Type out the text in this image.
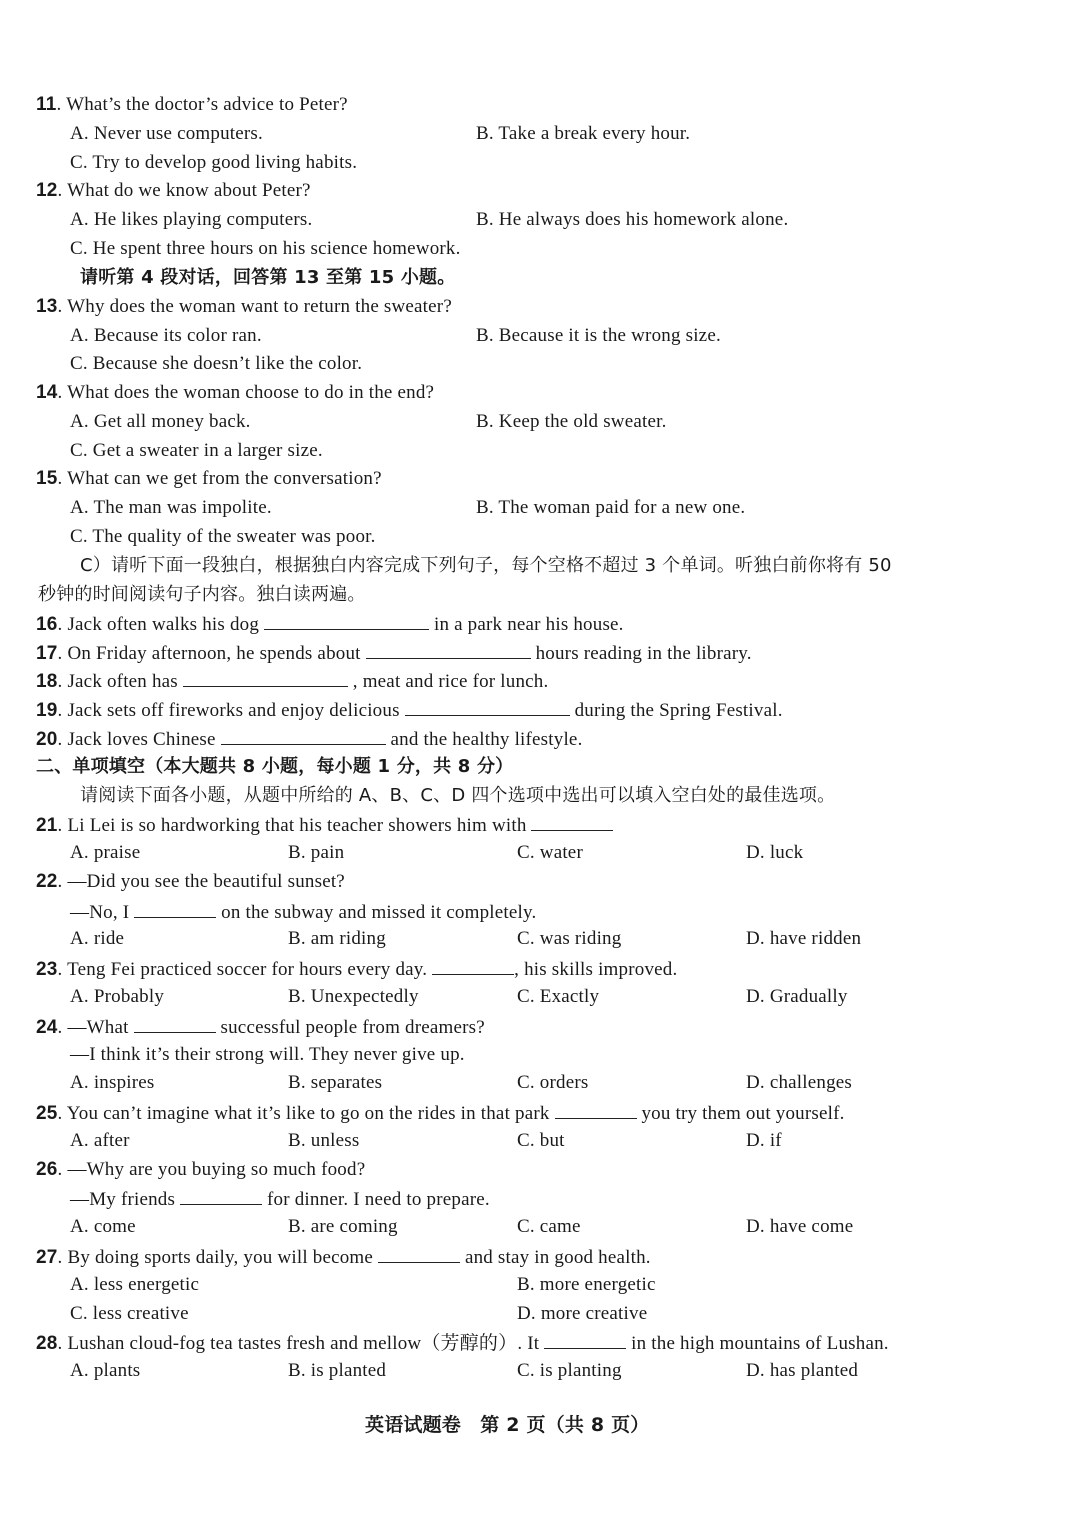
11. What’s the doctor’s advice to Peter?
A. Never use computers.	B. Take a break every hour.
C. Try to develop good living habits.
12. What do we know about Peter?
A. He likes playing computers.	B. He always does his homework alone.
C. He spent three hours on his science homework.
请听第 4 段对话，回答第 13 至第 15 小题。
13. Why does the woman want to return the sweater?
A. Because its color ran.	B. Because it is the wrong size.
C. Because she doesn’t like the color.
14. What does the woman choose to do in the end?
A. Get all money back.	B. Keep the old sweater.
C. Get a sweater in a larger size.
15. What can we get from the conversation?
A. The man was impolite.	B. The woman paid for a new one.
C. The quality of the sweater was poor.
C）请听下面一段独白，根据独白内容完成下列句子，每个空格不超过 3 个单词。听独白前你将有 50
秒钟的时间阅读句子内容。独白读两遍。
16. Jack often walks his dog	in a park near his house.
17. On Friday afternoon, he spends about	hours reading in the library.
18. Jack often has	, meat and rice for lunch.
19. Jack sets off fireworks and enjoy delicious	during the Spring Festival.
20. Jack loves Chinese	and the healthy lifestyle.
二、单项填空（本大题共 8 小题，每小题 1 分，共 8 分）
请阅读下面各小题，从题中所给的 A、B、C、D 四个选项中选出可以填入空白处的最佳选项。
21. Li Lei is so hardworking that his teacher showers him with
A. praise	B. pain	C. water	D. luck
22. —Did you see the beautiful sunset?
—No, I	on the subway and missed it completely.
A. ride	B. am riding	C. was riding	D. have ridden
23. Teng Fei practiced soccer for hours every day.	, his skills improved.
A. Probably	B. Unexpectedly	C. Exactly	D. Gradually
24. —What	successful people from dreamers?
—I think it’s their strong will. They never give up.
A. inspires	B. separates	C. orders	D. challenges
25. You can’t imagine what it’s like to go on the rides in that park	you try them out yourself.
A. after	B. unless	C. but	D. if
26. —Why are you buying so much food?
—My friends	for dinner. I need to prepare.
A. come	B. are coming	C. came	D. have come
27. By doing sports daily, you will become	and stay in good health.
A. less energetic	B. more energetic
C. less creative	D. more creative
28. Lushan cloud-fog tea tastes fresh and mellow（芳醇的）. It	in the high mountains of Lushan.
A. plants	B. is planted	C. is planting	D. has planted
英语试题卷　第 2 页（共 8 页）
